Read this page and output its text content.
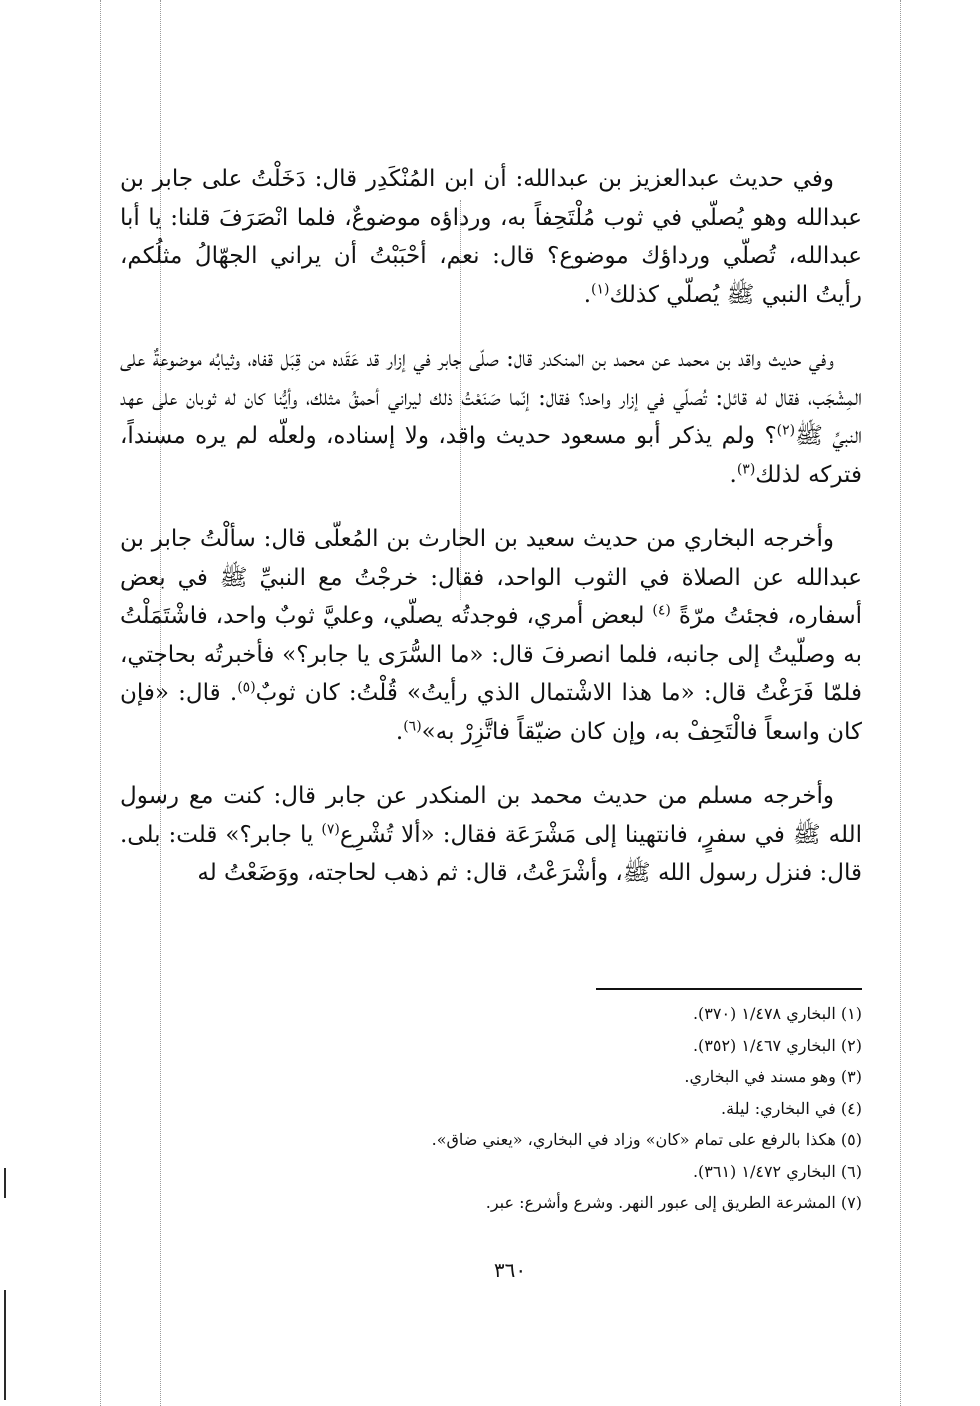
وفي حديث عبدالعزيز بن عبدالله: أن ابن المُنْكَدِر قال: دَخَلْتُ على جابر بن عبدالله وهو يُصلّي في ثوب مُلْتَحِفاً به، ورداؤه موضوعٌ، فلما انْصَرَفَ قلنا: يا أبا عبدالله، تُصلّي ورداؤك موضوع؟ قال: نعم، أحْبَبْتُ أن يراني الجهّالُ مثلُكم، رأيتُ النبي ﷺ يُصلّي كذلك$^{(١)}$.

وفي حديث واقد بن محمد عن محمد بن المنكدر قال: صلّى جابر في إزار قد عَقَده من قِبَل قفاه، وثيابُه موضوعةٌ على المِشْجَب، فقال له قائل: تُصلّي في إزار واحد؟ فقال: إنّما صَنَعْتُ ذلك ليراني أحمقُ مثلك، وأيُّنا كان له ثوبان على عهد النبيِّ ﷺ$^{(٢)}$؟ ولم يذكر أبو مسعود حديث واقد، ولا إسناده، ولعلّه لم يره مسنداً، فتركه لذلك$^{(٣)}$.

وأخرجه البخاري من حديث سعيد بن الحارث بن المُعلّى قال: سألْتُ جابر بن عبدالله عن الصلاة في الثوب الواحد، فقال: خرجْتُ مع النبيِّ ﷺ في بعض أسفاره، فجئتُ مرّةً $^{(٤)}$ لبعض أمري، فوجدتُه يصلّي، وعليَّ ثوبٌ واحد، فاشْتَمَلْتُ به وصلّيتُ إلى جانبه، فلما انصرفَ قال: «ما السُّرَى يا جابر؟» فأخبرتُه بحاجتي، فلمّا فَرَغْتُ قال: «ما هذا الاشْتمال الذي رأيتُ» قُلْتُ: كان ثوبٌ$^{(٥)}$. قال: «فإن كان واسعاً فالْتَحِفْ به، وإن كان ضيّقاً فاتَّزِرْ به»$^{(٦)}$.

وأخرجه مسلم من حديث محمد بن المنكدر عن جابر قال: كنت مع رسول الله ﷺ في سفرٍ، فانتهينا إلى مَشْرَعَة فقال: «ألا تُشْرِع$^{(٧)}$ يا جابر؟» قلت: بلى. قال: فنزل رسول الله ﷺ، وأشْرَعْتُ، قال: ثم ذهب لحاجته، ووَضَعْتُ له

(١) البخاري ١/٤٧٨ (٣٧٠).

(٢) البخاري ١/٤٦٧ (٣٥٢).

(٣) وهو مسند في البخاري.

(٤) في البخاري: ليلة.

(٥) هكذا بالرفع على تمام «كان» وزاد في البخاري، «يعني ضاق».

(٦) البخاري ١/٤٧٢ (٣٦١).

(٧) المشرعة الطريق إلى عبور النهر. وشرع وأشرع: عبر.

٣٦٠
